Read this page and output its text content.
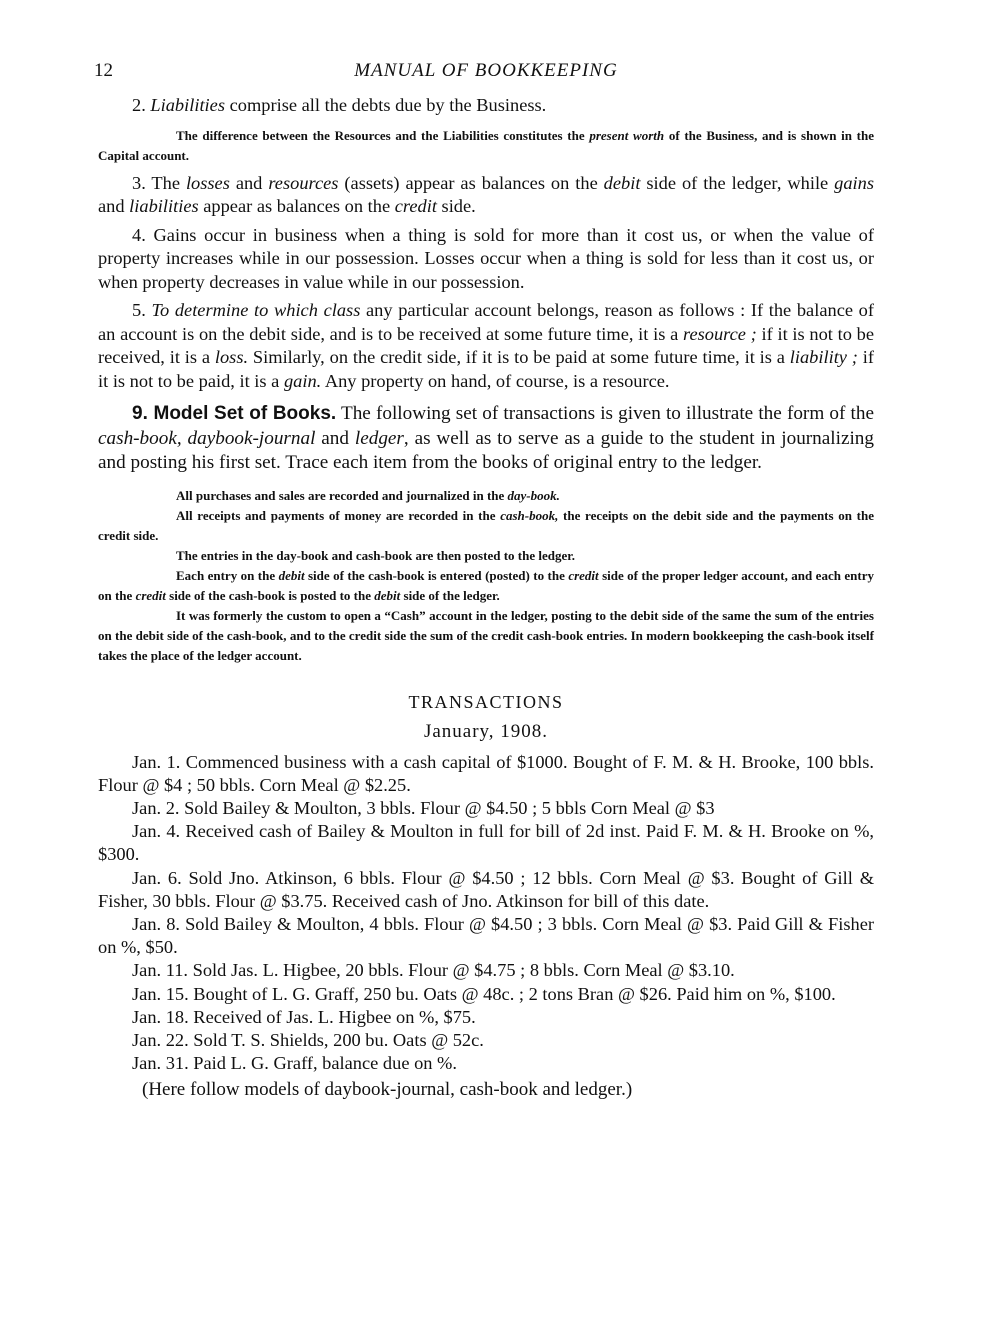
12	MANUAL OF BOOKKEEPING

2. Liabilities comprise all the debts due by the Business.

The difference between the Resources and the Liabilities constitutes the present worth of the Business, and is shown in the Capital account.

3. The losses and resources (assets) appear as balances on the debit side of the ledger, while gains and liabilities appear as balances on the credit side.

4. Gains occur in business when a thing is sold for more than it cost us, or when the value of property increases while in our possession. Losses occur when a thing is sold for less than it cost us, or when property decreases in value while in our possession.

5. To determine to which class any particular account belongs, reason as follows : If the balance of an account is on the debit side, and is to be received at some future time, it is a resource ; if it is not to be received, it is a loss. Similarly, on the credit side, if it is to be paid at some future time, it is a liability ; if it is not to be paid, it is a gain. Any property on hand, of course, is a resource.

9. Model Set of Books. The following set of transactions is given to illustrate the form of the cash-book, daybook-journal and ledger, as well as to serve as a guide to the student in journalizing and posting his first set. Trace each item from the books of original entry to the ledger.

All purchases and sales are recorded and journalized in the day-book.

All receipts and payments of money are recorded in the cash-book, the receipts on the debit side and the payments on the credit side.

The entries in the day-book and cash-book are then posted to the ledger.

Each entry on the debit side of the cash-book is entered (posted) to the credit side of the proper ledger account, and each entry on the credit side of the cash-book is posted to the debit side of the ledger.

It was formerly the custom to open a “Cash” account in the ledger, posting to the debit side of the same the sum of the entries on the debit side of the cash-book, and to the credit side the sum of the credit cash-book entries. In modern bookkeeping the cash-book itself takes the place of the ledger account.

TRANSACTIONS

January, 1908.

Jan. 1. Commenced business with a cash capital of $1000. Bought of F. M. & H. Brooke, 100 bbls. Flour @ $4 ; 50 bbls. Corn Meal @ $2.25.

Jan. 2. Sold Bailey & Moulton, 3 bbls. Flour @ $4.50 ; 5 bbls Corn Meal @ $3

Jan. 4. Received cash of Bailey & Moulton in full for bill of 2d inst. Paid F. M. & H. Brooke on %, $300.

Jan. 6. Sold Jno. Atkinson, 6 bbls. Flour @ $4.50 ; 12 bbls. Corn Meal @ $3. Bought of Gill & Fisher, 30 bbls. Flour @ $3.75. Received cash of Jno. Atkinson for bill of this date.

Jan. 8. Sold Bailey & Moulton, 4 bbls. Flour @ $4.50 ; 3 bbls. Corn Meal @ $3. Paid Gill & Fisher on %, $50.

Jan. 11. Sold Jas. L. Higbee, 20 bbls. Flour @ $4.75 ; 8 bbls. Corn Meal @ $3.10.

Jan. 15. Bought of L. G. Graff, 250 bu. Oats @ 48c. ; 2 tons Bran @ $26. Paid him on %, $100.

Jan. 18. Received of Jas. L. Higbee on %, $75.

Jan. 22. Sold T. S. Shields, 200 bu. Oats @ 52c.

Jan. 31. Paid L. G. Graff, balance due on %.

(Here follow models of daybook-journal, cash-book and ledger.)
